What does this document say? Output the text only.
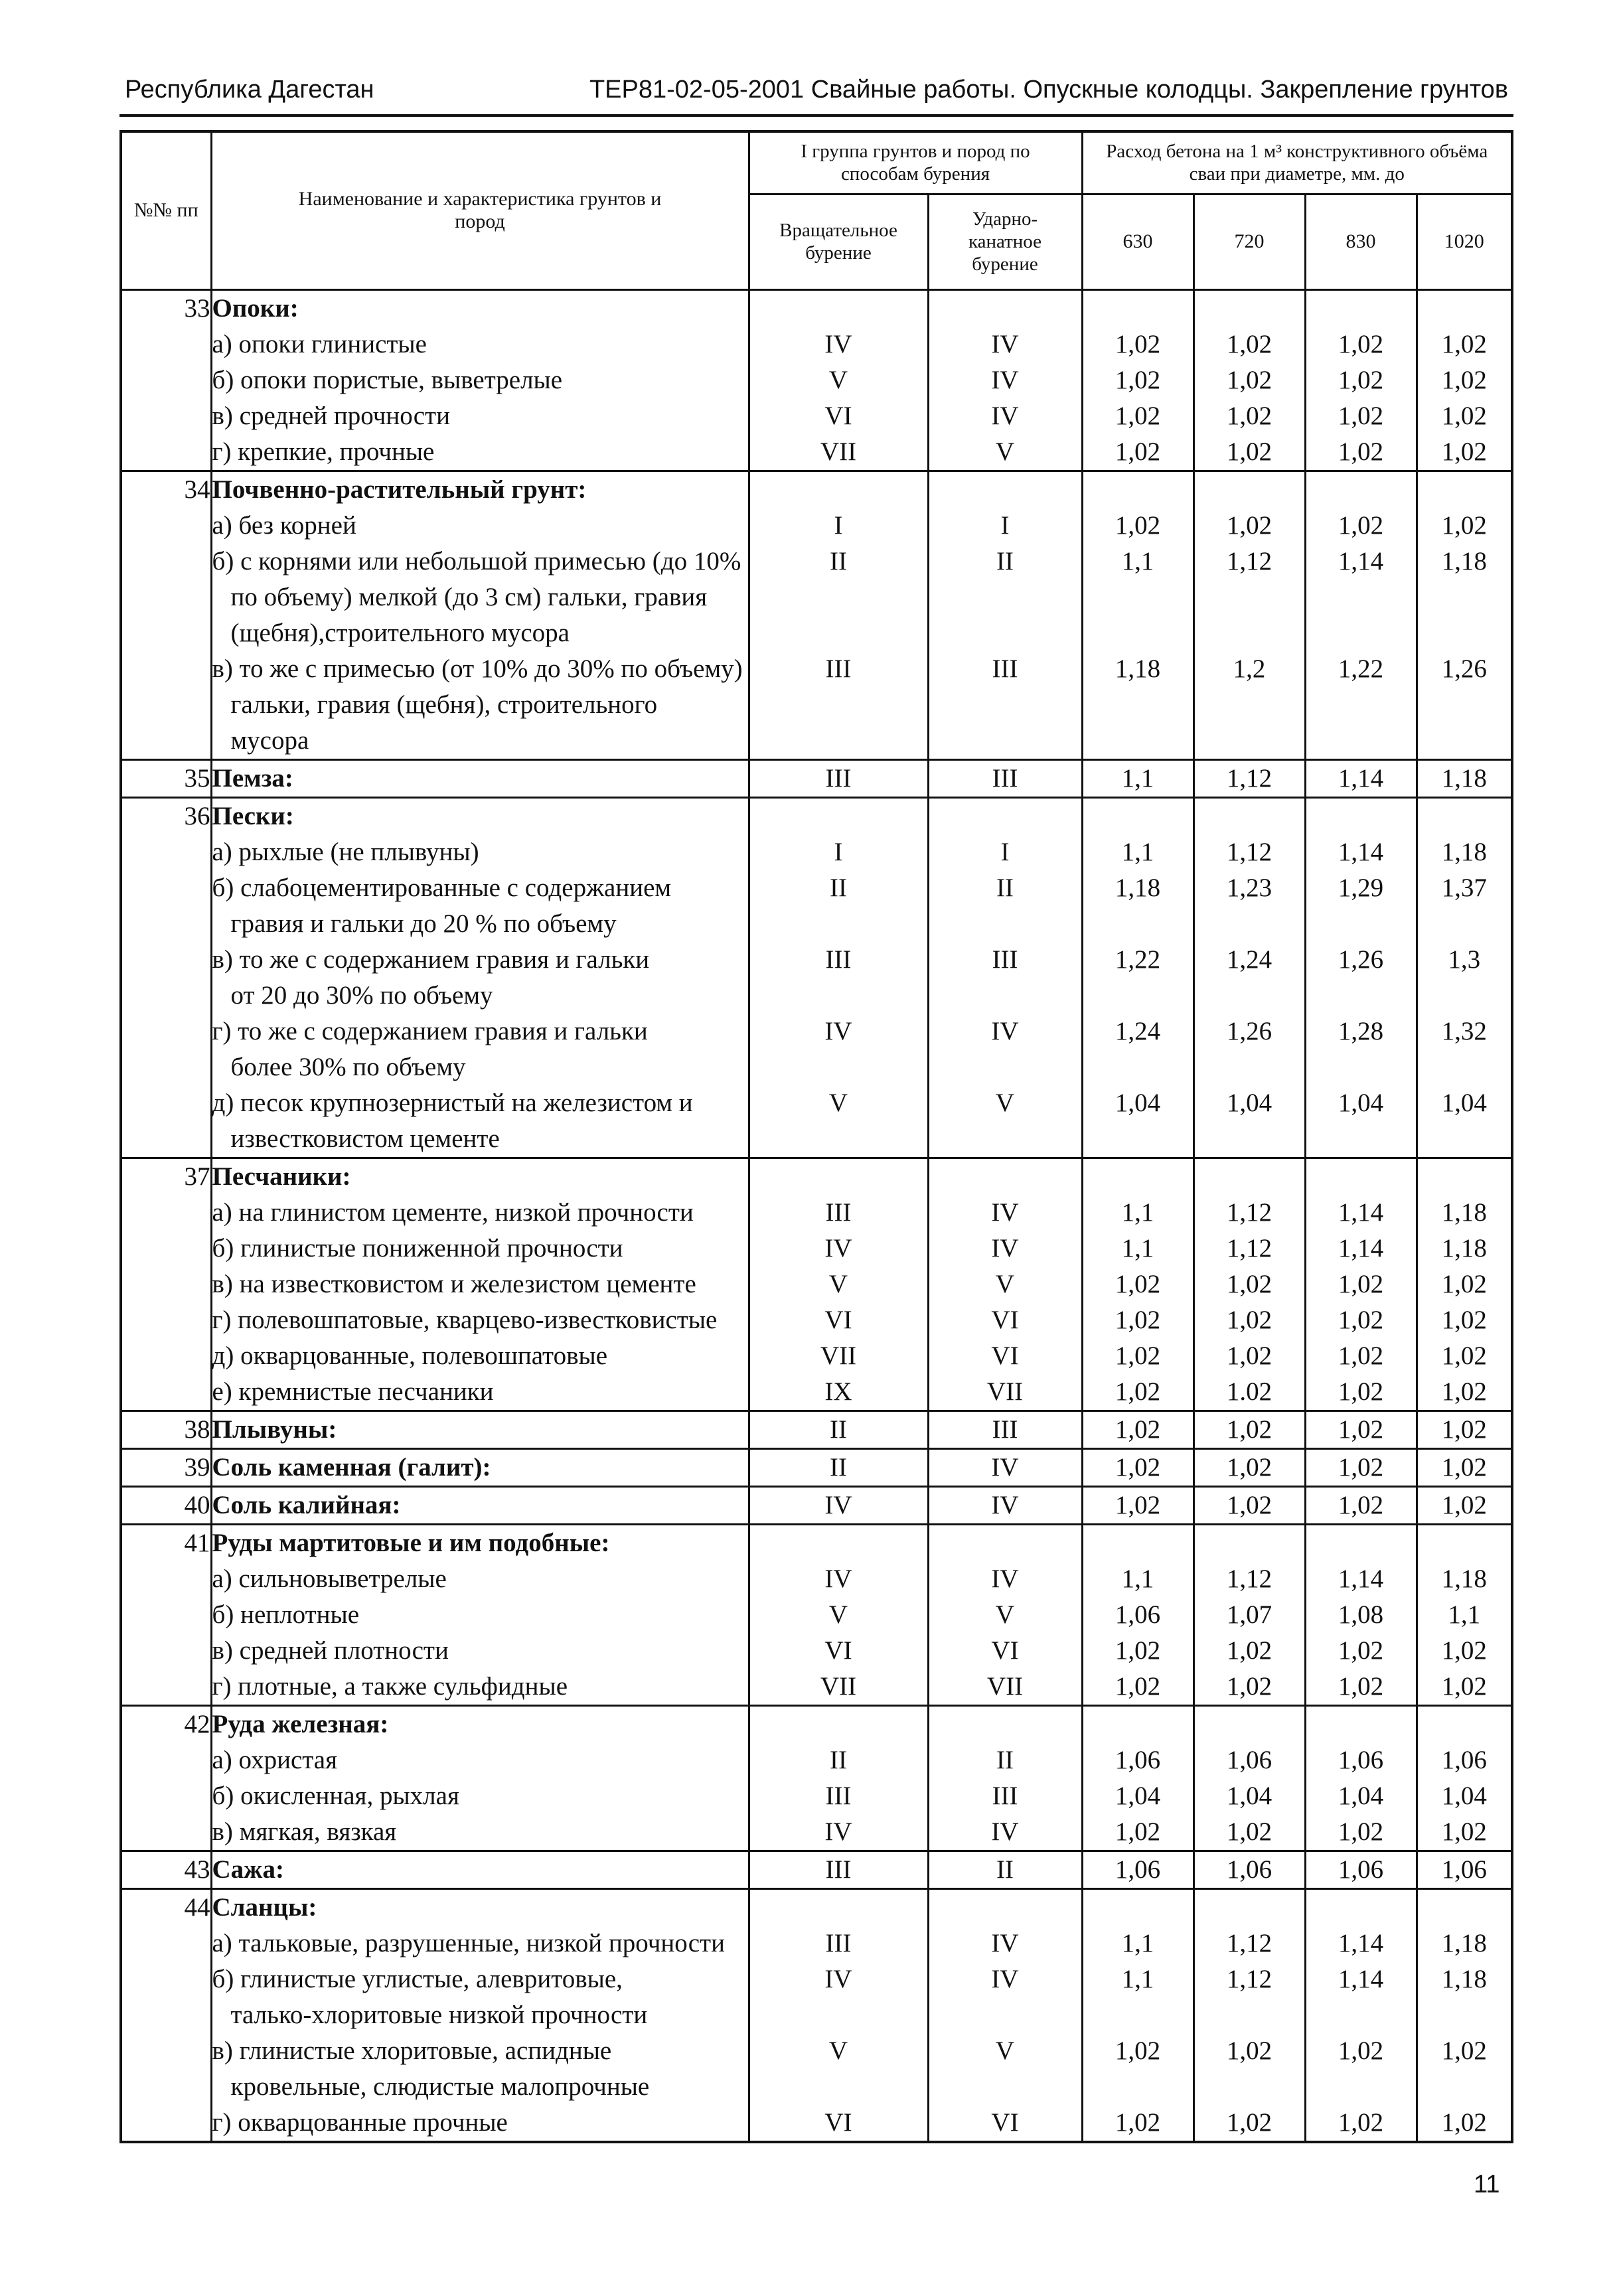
Республика Дагестан	ТЕР81-02-05-2001 Свайные работы. Опускные колодцы. Закрепление грунтов
№№ пп	Наименование и характеристика грунтов и пород	I группа грунтов и пород по способам бурения		Расход бетона на 1 м³ конструктивного объёма сваи при диаметре, мм. до			
		Вращательное бурение	Ударно-канатное бурение	630	720	830	1020
33	Опоки:						
	а) опоки глинистые	IV	IV	1,02	1,02	1,02	1,02
	б) опоки пористые, выветрелые	V	IV	1,02	1,02	1,02	1,02
	в) средней прочности	VI	IV	1,02	1,02	1,02	1,02
	г) крепкие, прочные	VII	V	1,02	1,02	1,02	1,02
34	Почвенно-растительный грунт:						
	а) без корней	I	I	1,02	1,02	1,02	1,02
	б) с корнями или небольшой примесью (до 10%	II	II	1,1	1,12	1,14	1,18
	по объему) мелкой (до 3 см) гальки, гравия						
	(щебня),строительного мусора						
	в) то же с примесью (от 10% до 30% по объему)	III	III	1,18	1,2	1,22	1,26
	гальки, гравия (щебня), строительного						
	мусора						
35	Пемза:	III	III	1,1	1,12	1,14	1,18
36	Пески:						
	а) рыхлые (не плывуны)	I	I	1,1	1,12	1,14	1,18
	б) слабоцементированные с содержанием	II	II	1,18	1,23	1,29	1,37
	гравия и гальки до 20 % по объему						
	в) то же с содержанием гравия и гальки	III	III	1,22	1,24	1,26	1,3
	от 20 до 30% по объему						
	г) то же с содержанием гравия и гальки	IV	IV	1,24	1,26	1,28	1,32
	более 30% по объему						
	д) песок крупнозернистый на железистом и	V	V	1,04	1,04	1,04	1,04
	известковистом цементе						
37	Песчаники:						
	а) на глинистом цементе, низкой прочности	III	IV	1,1	1,12	1,14	1,18
	б) глинистые пониженной прочности	IV	IV	1,1	1,12	1,14	1,18
	в) на известковистом и железистом цементе	V	V	1,02	1,02	1,02	1,02
	г) полевошпатовые, кварцево-известковистые	VI	VI	1,02	1,02	1,02	1,02
	д) окварцованные, полевошпатовые	VII	VI	1,02	1,02	1,02	1,02
	е) кремнистые песчаники	IX	VII	1,02	1.02	1,02	1,02
38	Плывуны:	II	III	1,02	1,02	1,02	1,02
39	Соль каменная (галит):	II	IV	1,02	1,02	1,02	1,02
40	Соль калийная:	IV	IV	1,02	1,02	1,02	1,02
41	Руды мартитовые и им подобные:						
	а) сильновыветрелые	IV	IV	1,1	1,12	1,14	1,18
	б) неплотные	V	V	1,06	1,07	1,08	1,1
	в) средней плотности	VI	VI	1,02	1,02	1,02	1,02
	г) плотные, а также сульфидные	VII	VII	1,02	1,02	1,02	1,02
42	Руда железная:						
	а) охристая	II	II	1,06	1,06	1,06	1,06
	б) окисленная, рыхлая	III	III	1,04	1,04	1,04	1,04
	в) мягкая, вязкая	IV	IV	1,02	1,02	1,02	1,02
43	Сажа:	III	II	1,06	1,06	1,06	1,06
44	Сланцы:						
	а) тальковые, разрушенные, низкой прочности	III	IV	1,1	1,12	1,14	1,18
	б) глинистые углистые, алевритовые,	IV	IV	1,1	1,12	1,14	1,18
	талько-хлоритовые низкой прочности						
	в) глинистые хлоритовые, аспидные	V	V	1,02	1,02	1,02	1,02
	кровельные, слюдистые малопрочные						
	г) окварцованные прочные	VI	VI	1,02	1,02	1,02	1,02
11
